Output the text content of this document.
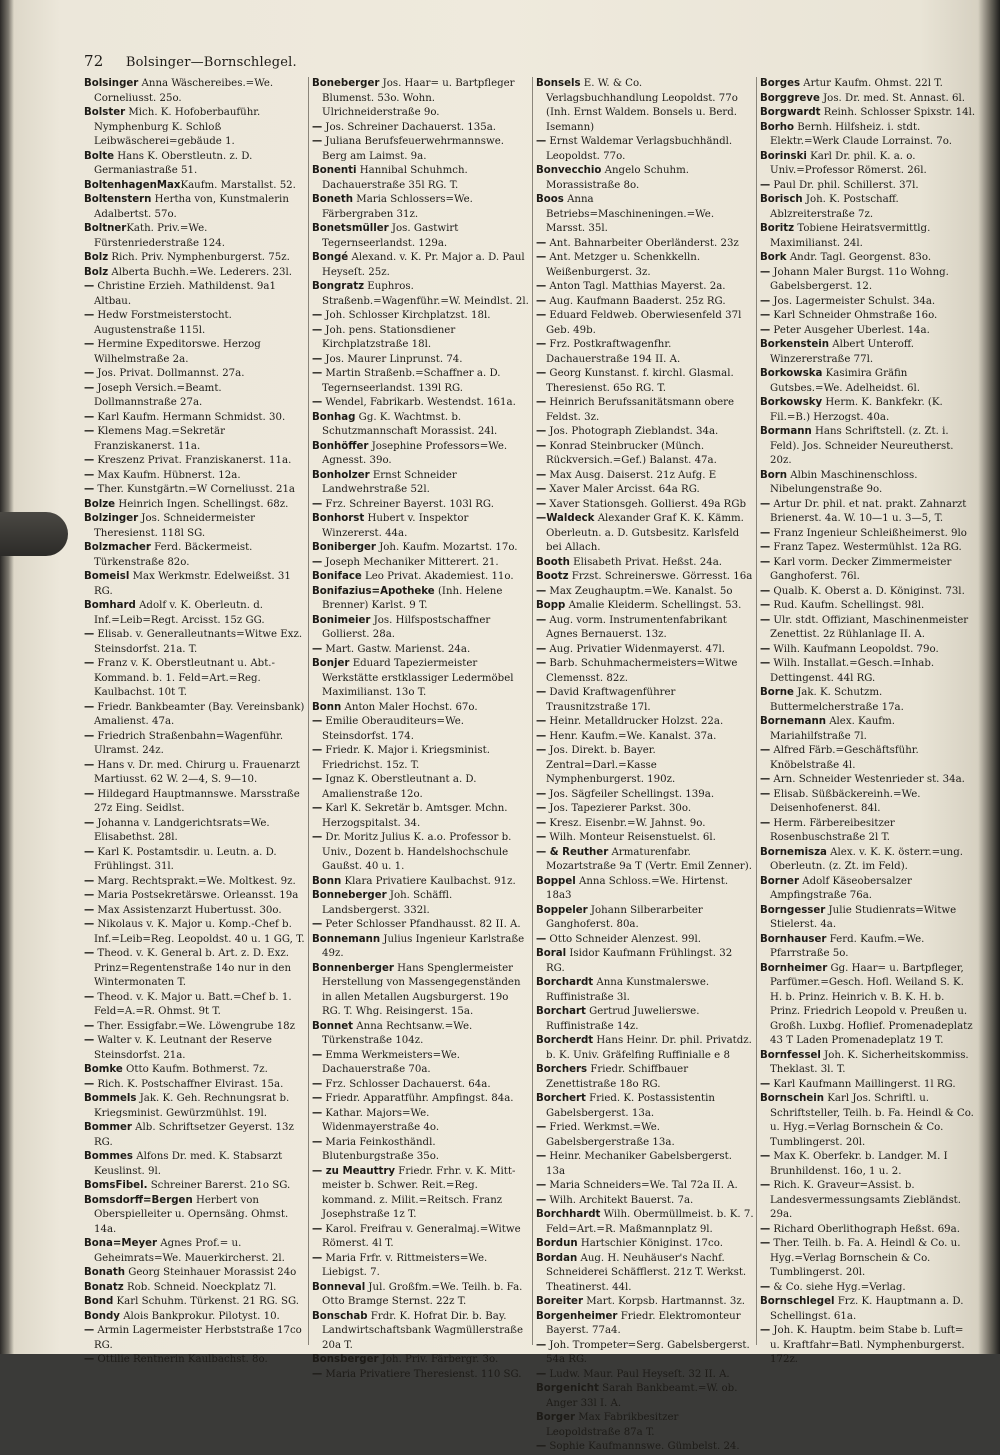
72 Bolsinger—Bornschlegel.
Bolsinger Anna Wäschereibes.=We. Corneliusst. 25o.
Bolster Mich. K. Hofoberbauführ. Nymphenburg K. Schloß Leibwäscherei=gebäude 1.
Bolte Hans K. Oberstleutn. z. D. Germaniastraße 51.
BoltenhagenMaxKaufm. Marstallst. 52.
Boltenstern Hertha von, Kunstmalerin Adalbertst. 57o.
BoltnerKath. Priv.=We. Fürstenriederstraße 124.
Bolz Rich. Priv. Nymphenburgerst. 75z.
Bolz Alberta Buchh.=We. Lederers. 23l.
— Christine Erzieh. Mathildenst. 9a1 Altbau.
— Hedw Forstmeisterstocht. Augustenstraße 115l.
— Hermine Expeditorswe. Herzog Wilhelmstraße 2a.
— Jos. Privat. Dollmannst. 27a.
— Joseph Versich.=Beamt. Dollmannstraße 27a.
— Karl Kaufm. Hermann Schmidst. 30.
— Klemens Mag.=Sekretär Franziskanerst. 11a.
— Kreszenz Privat. Franziskanerst. 11a.
— Max Kaufm. Hübnerst. 12a.
— Ther. Kunstgärtn.=W Corneliusst. 21a
Bolze Heinrich Ingen. Schellingst. 68z.
Bolzinger Jos. Schneidermeister Theresienst. 118l SG.
Bolzmacher Ferd. Bäckermeist. Türkenstraße 82o.
Bomeisl Max Werkmstr. Edelweißst. 31 RG.
Bomhard Adolf v. K. Oberleutn. d. Inf.=Leib=Regt. Arcisst. 15z GG.
— Elisab. v. Generalleutnants=Witwe Exz. Steinsdorfst. 21a. T.
— Franz v. K. Oberstleutnant u. Abt.-Kommand. b. 1. Feld=Art.=Reg. Kaulbachst. 10t T.
— Friedr. Bankbeamter (Bay. Vereinsbank) Amalienst. 47a.
— Friedrich Straßenbahn=Wagenführ. Ulramst. 24z.
— Hans v. Dr. med. Chirurg u. Frauenarzt Martiusst. 62 W. 2—4, S. 9—10.
— Hildegard Hauptmannswe. Marsstraße 27z Eing. Seidlst.
— Johanna v. Landgerichtsrats=We. Elisabethst. 28l.
— Karl K. Postamtsdir. u. Leutn. a. D. Frühlingst. 31l.
— Marg. Rechtsprakt.=We. Moltkest. 9z.
— Maria Postsekretärswe. Orleansst. 19a
— Max Assistenzarzt Hubertusst. 30o.
— Nikolaus v. K. Major u. Komp.-Chef b. Inf.=Leib=Reg. Leopoldst. 40 u. 1 GG, T.
— Theod. v. K. General b. Art. z. D. Exz. Prinz=Regentenstraße 14o nur in den Wintermonaten T.
— Theod. v. K. Major u. Batt.=Chef b. 1. Feld=A.=R. Ohmst. 9t T.
— Ther. Essigfabr.=We. Löwengrube 18z
— Walter v. K. Leutnant der Reserve Steinsdorfst. 21a.
Bomke Otto Kaufm. Bothmerst. 7z.
— Rich. K. Postschaffner Elvirast. 15a.
Bommels Jak. K. Geh. Rechnungsrat b. Kriegsminist. Gewürzmühlst. 19l.
Bommer Alb. Schriftsetzer Geyerst. 13z RG.
Bommes Alfons Dr. med. K. Stabsarzt Keuslinst. 9l.
BomsFibel. Schreiner Barerst. 21o SG.
Bomsdorff=Bergen Herbert von Oberspielleiter u. Opernsäng. Ohmst. 14a.
Bona=Meyer Agnes Prof.= u. Geheimrats=We. Mauerkircherst. 2l.
Bonath Georg Steinhauer Morassist 24o
Bonatz Rob. Schneid. Noeckplatz 7l.
Bond Karl Schuhm. Türkenst. 21 RG. SG.
Bondy Alois Bankprokur. Pilotyst. 10.
— Armin Lagermeister Herbststraße 17co RG.
— Ottilie Rentnerin Kaulbachst. 8o.
Boneberger Jos. Haar= u. Bartpfleger Blumenst. 53o. Wohn. Ulrichneiderstraße 9o.
— Jos. Schreiner Dachauerst. 135a.
— Juliana Berufsfeuerwehrmannswe. Berg am Laimst. 9a.
Bonenti Hannibal Schuhmch. Dachauerstraße 35l RG. T.
Boneth Maria Schlossers=We. Färbergraben 31z.
Bonetsmüller Jos. Gastwirt Tegernseerlandst. 129a.
Bongé Alexand. v. K. Pr. Major a. D. Paul Heyseſt. 25z.
Bongratz Euphros. Straßenb.=Wagenführ.=W. Meindlst. 2l.
— Joh. Schlosser Kirchplatzst. 18l.
— Joh. pens. Stationsdiener Kirchplatzstraße 18l.
— Jos. Maurer Linprunst. 74.
— Martin Straßenb.=Schaffner a. D. Tegernseerlandst. 139l RG.
— Wendel, Fabrikarb. Westendst. 161a.
Bonhag Gg. K. Wachtmst. b. Schutzmannschaft Morassist. 24l.
Bonhöffer Josephine Professors=We. Agnesst. 39o.
Bonholzer Ernst Schneider Landwehrstraße 52l.
— Frz. Schreiner Bayerst. 103l RG.
Bonhorst Hubert v. Inspektor Winzererst. 44a.
Boniberger Joh. Kaufm. Mozartst. 17o.
— Joseph Mechaniker Mitterert. 21.
Boniface Leo Privat. Akademiest. 11o.
Bonifazius=Apotheke (Inh. Helene Brenner) Karlst. 9 T.
Bonimeier Jos. Hilfspostschaffner Gollierst. 28a.
— Mart. Gastw. Marienst. 24a.
Bonjer Eduard Tapeziermeister Werkstätte erstklassiger Ledermöbel Maximilianst. 13o T.
Bonn Anton Maler Hochst. 67o.
— Emilie Oberauditeurs=We. Steinsdorfst. 174.
— Friedr. K. Major i. Kriegsminist. Friedrichst. 15z. T.
— Ignaz K. Oberstleutnant a. D. Amalienstraße 12o.
— Karl K. Sekretär b. Amtsger. Mchn. Herzogspitalst. 34.
— Dr. Moritz Julius K. a.o. Professor b. Univ., Dozent b. Handelshochschule Gaußst. 40 u. 1.
Bonn Klara Privatiere Kaulbachst. 91z.
Bonneberger Joh. Schäffl. Landsbergerst. 332l.
— Peter Schlosser Pfandhausst. 82 II. A.
Bonnemann Julius Ingenieur Karlstraße 49z.
Bonnenberger Hans Spenglermeister Herstellung von Massengegenständen in allen Metallen Augsburgerst. 19o RG. T. Whg. Reisingerst. 15a.
Bonnet Anna Rechtsanw.=We. Türkenstraße 104z.
— Emma Werkmeisters=We. Dachauerstraße 70a.
— Frz. Schlosser Dachauerst. 64a.
— Friedr. Apparatführ. Ampfingst. 84a.
— Kathar. Majors=We. Widenmayerstraße 4o.
— Maria Feinkosthändl. Blutenburgstraße 35o.
— zu Meauttry Friedr. Frhr. v. K. Mitt-meister b. Schwer. Reit.=Reg. kommand. z. Milit.=Reitsch. Franz Josephstraße 1z T.
— Karol. Freifrau v. Generalmaj.=Witwe Römerst. 4l T.
— Maria Frfr. v. Rittmeisters=We. Liebigst. 7.
Bonneval Jul. Großfm.=We. Teilh. b. Fa. Otto Bramge Sternst. 22z T.
Bonschab Frdr. K. Hofrat Dir. b. Bay. Landwirtschaftsbank Wagmüllerstraße 20a T.
Bonsberger Joh. Priv. Färbergr. 3o.
— Maria Privatiere Theresienst. 110 SG.
Bonsels E. W. & Co. Verlagsbuchhandlung Leopoldst. 77o (Inh. Ernst Waldem. Bonsels u. Berd. Isemann)
— Ernst Waldemar Verlagsbuchhändl. Leopoldst. 77o.
Bonvecchio Angelo Schuhm. Morassistraße 8o.
Boos Anna Betriebs=Maschineningen.=We. Marsst. 35l.
— Ant. Bahnarbeiter Oberländerst. 23z
— Ant. Metzger u. Schenkkelln. Weißenburgerst. 3z.
— Anton Tagl. Matthias Mayerst. 2a.
— Aug. Kaufmann Baaderst. 25z RG.
— Eduard Feldweb. Oberwiesenfeld 37l Geb. 49b.
— Frz. Postkraftwagenfhr. Dachauerstraße 194 II. A.
— Georg Kunstanst. f. kirchl. Glasmal. Theresienst. 65o RG. T.
— Heinrich Berufssanitätsmann obere Feldst. 3z.
— Jos. Photograph Zieblandst. 34a.
— Konrad Steinbrucker (Münch. Rückversich.=Gef.) Balanst. 47a.
— Max Ausg. Daiserst. 21z Aufg. E
— Xaver Maler Arcisst. 64a RG.
— Xaver Stationsgeh. Gollierst. 49a RGb
—Waldeck Alexander Graf K. K. Kämm. Oberleutn. a. D. Gutsbesitz. Karlsfeld bei Allach.
Booth Elisabeth Privat. Heßst. 24a.
Bootz Frzst. Schreinerswe. Görresst. 16a
— Max Zeughauptm.=We. Kanalst. 5o
Bopp Amalie Kleiderm. Schellingst. 53.
— Aug. vorm. Instrumentenfabrikant Agnes Bernauerst. 13z.
— Aug. Privatier Widenmayerst. 47l.
— Barb. Schuhmachermeisters=Witwe Clemensst. 82z.
— David Kraftwagenführer Trausnitzstraße 17l.
— Heinr. Metalldrucker Holzst. 22a.
— Henr. Kaufm.=We. Kanalst. 37a.
— Jos. Direkt. b. Bayer. Zentral=Darl.=Kasse Nymphenburgerst. 190z.
— Jos. Sägfeiler Schellingst. 139a.
— Jos. Tapezierer Parkst. 30o.
— Kresz. Eisenbr.=W. Jahnst. 9o.
— Wilh. Monteur Reisenstuelst. 6l.
— & Reuther Armaturenfabr. Mozartstraße 9a T (Vertr. Emil Zenner).
Boppel Anna Schloss.=We. Hirtenst. 18a3
Boppeler Johann Silberarbeiter Ganghoferst. 80a.
— Otto Schneider Alenzest. 99l.
Boral Isidor Kaufmann Frühlingst. 32 RG.
Borchardt Anna Kunstmalerswe. Ruffinistraße 3l.
Borchart Gertrud Juwelierswe. Ruffinistraße 14z.
Borcherdt Hans Heinr. Dr. phil. Privatdz. b. K. Univ. Gräfelfing Ruffinialle e 8
Borchers Friedr. Schiffbauer Zenettistraße 18o RG.
Borchert Fried. K. Postassistentin Gabelsbergerst. 13a.
— Fried. Werkmst.=We. Gabelsbergerstraße 13a.
— Heinr. Mechaniker Gabelsbergerst. 13a
— Maria Schneiders=We. Tal 72a II. A.
— Wilh. Architekt Bauerst. 7a.
Borchhardt Wilh. Obermüllmeist. b. K. 7. Feld=Art.=R. Maßmannplatz 9l.
Bordun Hartschier Königinst. 17co.
Bordan Aug. H. Neuhäuser's Nachf. Schneiderei Schäfflerst. 21z T. Werkst. Theatinerst. 44l.
Boreiter Mart. Korpsb. Hartmannst. 3z.
Borgenheimer Friedr. Elektromonteur Bayerst. 77a4.
— Joh. Trompeter=Serg. Gabelsbergerst. 54a RG.
— Ludw. Maur. Paul Heyseſt. 32 II. A.
Borgenicht Sarah Bankbeamt.=W. ob. Anger 33l I. A.
Borger Max Fabrikbesitzer Leopoldstraße 87a T.
— Sophie Kaufmannswe. Gümbelst. 24.
Borges Artur Kaufm. Ohmst. 22l T.
Borggreve Jos. Dr. med. St. Annast. 6l.
Borgwardt Reinh. Schlosser Spixstr. 14l.
Borho Bernh. Hilfsheiz. i. stdt. Elektr.=Werk Claude Lorrainst. 7o.
Borinski Karl Dr. phil. K. a. o. Univ.=Professor Römerst. 26l.
— Paul Dr. phil. Schillerst. 37l.
Borisch Joh. K. Postschaff. Ablzreiterstraße 7z.
Boritz Tobiene Heiratsvermittlg. Maximilianst. 24l.
Bork Andr. Tagl. Georgenst. 83o.
— Johann Maler Burgst. 11o Wohng. Gabelsbergerst. 12.
— Jos. Lagermeister Schulst. 34a.
— Karl Schneider Ohmstraße 16o.
— Peter Ausgeher Uberlest. 14a.
Borkenstein Albert Unteroff. Winzererstraße 77l.
Borkowska Kasimira Gräfin Gutsbes.=We. Adelheidst. 6l.
Borkowsky Herm. K. Bankfekr. (K. Fil.=B.) Herzogst. 40a.
Bormann Hans Schriftstell. (z. Zt. i. Feld). Jos. Schneider Neureutherst. 20z.
Born Albin Maschinenschloss. Nibelungenstraße 9o.
— Artur Dr. phil. et nat. prakt. Zahnarzt Brienerst. 4a. W. 10—1 u. 3—5, T.
— Franz Ingenieur Schleißheimerst. 9lo
— Franz Tapez. Westermühlst. 12a RG.
— Karl vorm. Decker Zimmermeister Ganghoferst. 76l.
— Qualb. K. Oberst a. D. Königinst. 73l.
— Rud. Kaufm. Schellingst. 98l.
— Ulr. stdt. Offiziant, Maschinenmeister Zenettist. 2z Rühlanlage II. A.
— Wilh. Kaufmann Leopoldst. 79o.
— Wilh. Installat.=Gesch.=Inhab. Dettingenst. 44l RG.
Borne Jak. K. Schutzm. Buttermelcherstraße 17a.
Bornemann Alex. Kaufm. Mariahilfstraße 7l.
— Alfred Färb.=Geschäftsführ. Knöbelstraße 4l.
— Arn. Schneider Westenrieder st. 34a.
— Elisab. Süßbäckereinh.=We. Deisenhofenerst. 84l.
— Herm. Färbereibesitzer Rosenbuschstraße 2l T.
Bornemisza Alex. v. K. K. österr.=ung. Oberleutn. (z. Zt. im Feld).
Borner Adolf Käseobersalzer Ampfingstraße 76a.
Borngesser Julie Studienrats=Witwe Stielerst. 4a.
Bornhauser Ferd. Kaufm.=We. Pfarrstraße 5o.
Bornheimer Gg. Haar= u. Bartpfleger, Parfümer.=Gesch. Hofl. Weiland S. K. H. b. Prinz. Heinrich v. B. K. H. b. Prinz. Friedrich Leopold v. Preußen u. Großh. Luxbg. Hoflief. Promenadeplatz 43 T Laden Promenadeplatz 19 T.
Bornfessel Joh. K. Sicherheitskommiss. Theklast. 3l. T.
— Karl Kaufmann Maillingerst. 1l RG.
Bornschein Karl Jos. Schriftl. u. Schriftsteller, Teilh. b. Fa. Heindl & Co. u. Hyg.=Verlag Bornschein & Co. Tumblingerst. 20l.
— Max K. Oberfekr. b. Landger. M. I Brunhildenst. 16o, 1 u. 2.
— Rich. K. Graveur=Assist. b. Landesvermessungsamts Ziebländst. 29a.
— Richard Oberlithograph Heßst. 69a.
— Ther. Teilh. b. Fa. A. Heindl & Co. u. Hyg.=Verlag Bornschein & Co. Tumblingerst. 20l.
— & Co. siehe Hyg.=Verlag.
Bornschlegel Frz. K. Hauptmann a. D. Schellingst. 61a.
— Joh. K. Hauptm. beim Stabe b. Luft= u. Kraftfahr=Batl. Nymphenburgerst. 172z.
